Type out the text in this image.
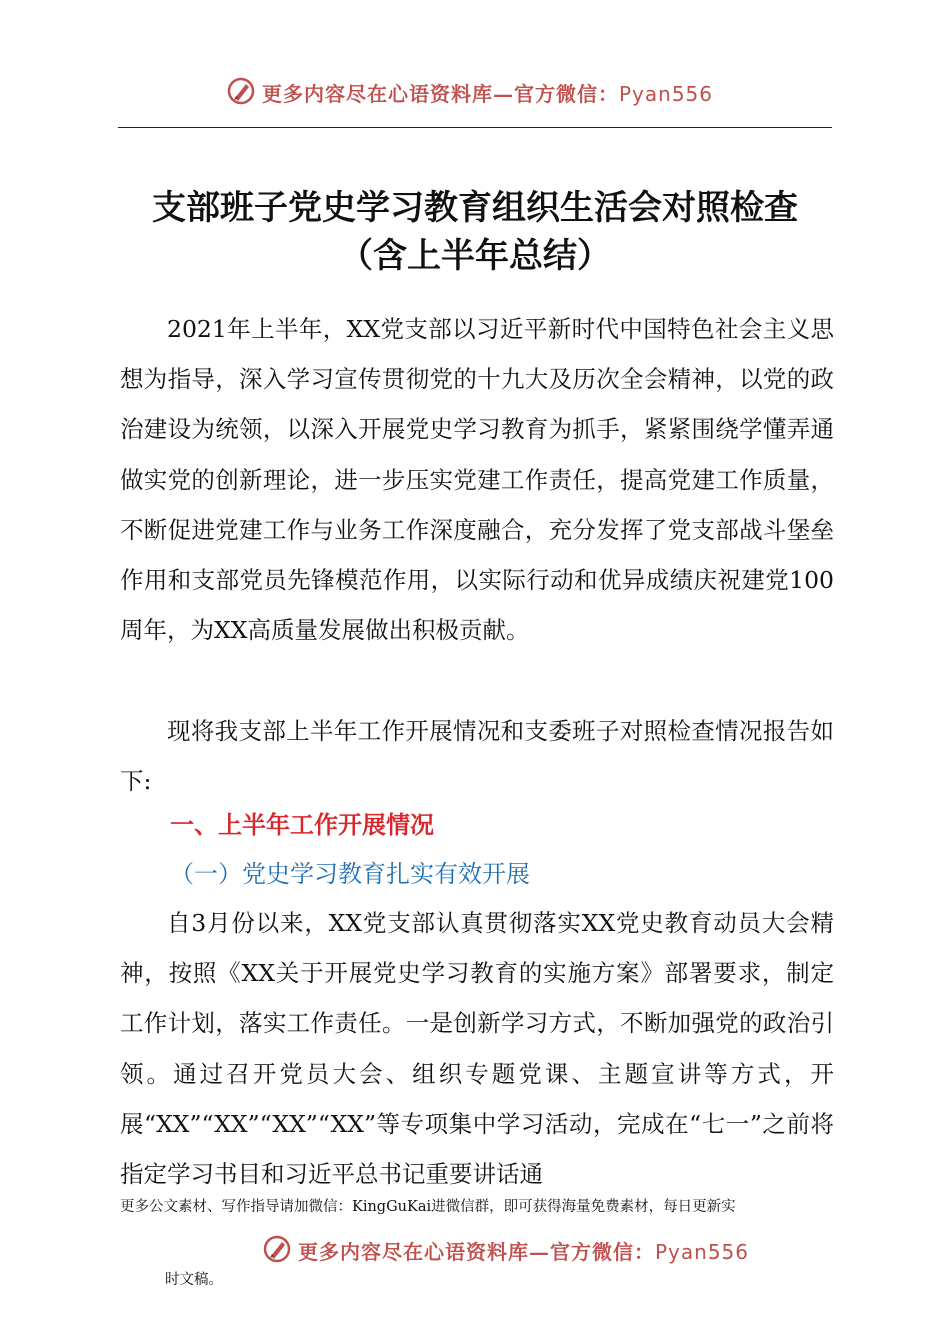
更多内容尽在心语资料库—官方微信：Pyan556
支部班子党史学习教育组织生活会对照检查
（含上半年总结）
2021年上半年，XX党支部以习近平新时代中国特色社会主义思想为指导，深入学习宣传贯彻党的十九大及历次全会精神，以党的政治建设为统领，以深入开展党史学习教育为抓手，紧紧围绕学懂弄通做实党的创新理论，进一步压实党建工作责任，提高党建工作质量，不断促进党建工作与业务工作深度融合，充分发挥了党支部战斗堡垒作用和支部党员先锋模范作用，以实际行动和优异成绩庆祝建党100周年，为XX高质量发展做出积极贡献。
现将我支部上半年工作开展情况和支委班子对照检查情况报告如下:
一、上半年工作开展情况
（一）党史学习教育扎实有效开展
自3月份以来，XX党支部认真贯彻落实XX党史教育动员大会精神，按照《XX关于开展党史学习教育的实施方案》部署要求，制定工作计划，落实工作责任。一是创新学习方式，不断加强党的政治引领。通过召开党员大会、组织专题党课、主题宣讲等方式，开展“XX”“XX”“XX”“XX”等专项集中学习活动，完成在“七一”之前将指定学习书目和习近平总书记重要讲话通
更多公文素材、写作指导请加微信：KingGuKai进微信群，即可获得海量免费素材，每日更新实
更多内容尽在心语资料库—官方微信：Pyan556
时文稿。
